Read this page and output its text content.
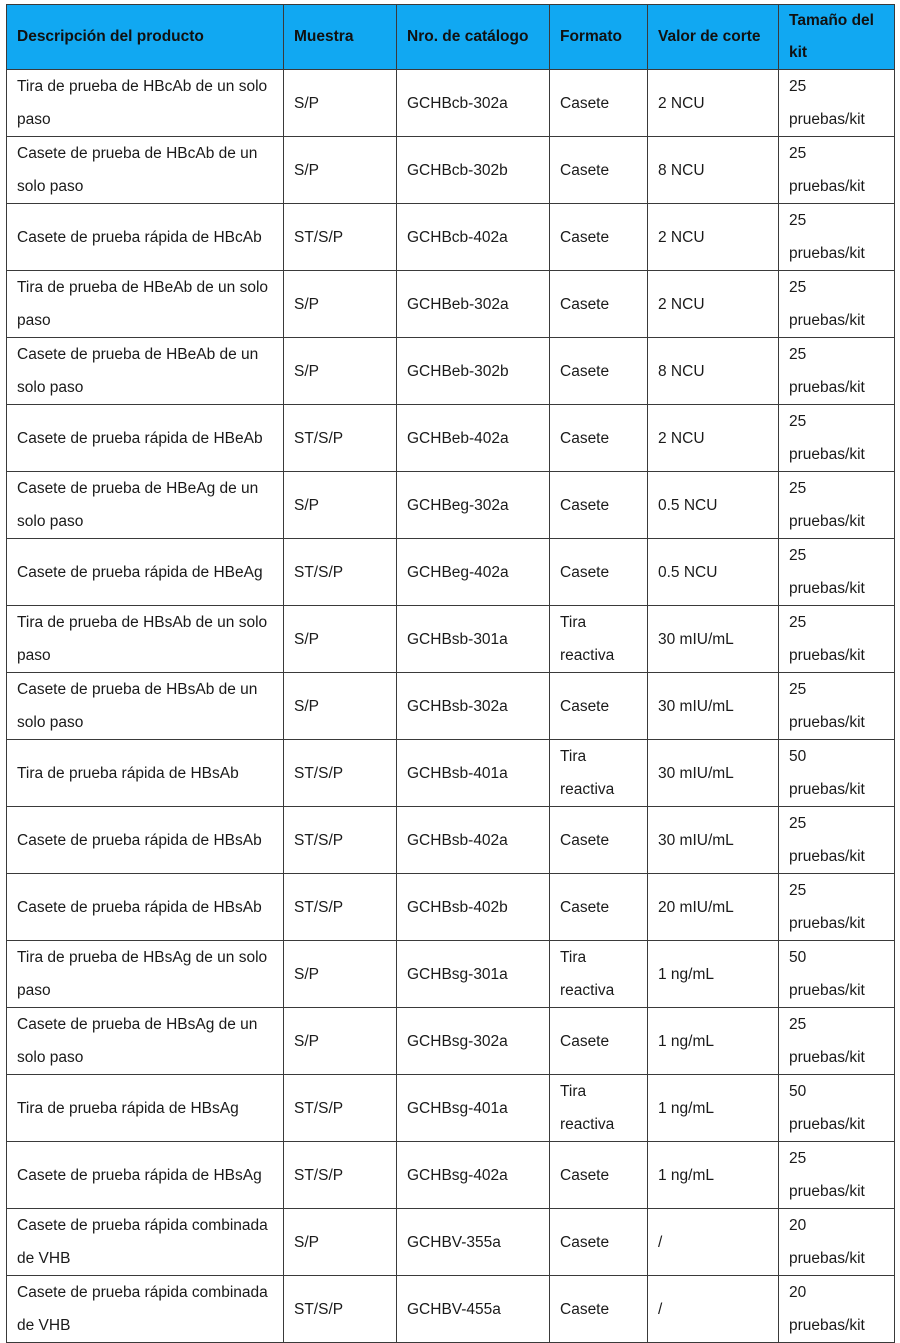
Descripción del producto	Muestra	Nro. de catálogo	Formato	Valor de corte	Tamaño del kit
Tira de prueba de HBcAb de un solo paso	S/P	GCHBcb-302a	Casete	2 NCU	25 pruebas/kit
Casete de prueba de HBcAb de un solo paso	S/P	GCHBcb-302b	Casete	8 NCU	25 pruebas/kit
Casete de prueba rápida de HBcAb	ST/S/P	GCHBcb-402a	Casete	2 NCU	25 pruebas/kit
Tira de prueba de HBeAb de un solo paso	S/P	GCHBeb-302a	Casete	2 NCU	25 pruebas/kit
Casete de prueba de HBeAb de un solo paso	S/P	GCHBeb-302b	Casete	8 NCU	25 pruebas/kit
Casete de prueba rápida de HBeAb	ST/S/P	GCHBeb-402a	Casete	2 NCU	25 pruebas/kit
Casete de prueba de HBeAg de un solo paso	S/P	GCHBeg-302a	Casete	0.5 NCU	25 pruebas/kit
Casete de prueba rápida de HBeAg	ST/S/P	GCHBeg-402a	Casete	0.5 NCU	25 pruebas/kit
Tira de prueba de HBsAb de un solo paso	S/P	GCHBsb-301a	Tira reactiva	30 mIU/mL	25 pruebas/kit
Casete de prueba de HBsAb de un solo paso	S/P	GCHBsb-302a	Casete	30 mIU/mL	25 pruebas/kit
Tira de prueba rápida de HBsAb	ST/S/P	GCHBsb-401a	Tira reactiva	30 mIU/mL	50 pruebas/kit
Casete de prueba rápida de HBsAb	ST/S/P	GCHBsb-402a	Casete	30 mIU/mL	25 pruebas/kit
Casete de prueba rápida de HBsAb	ST/S/P	GCHBsb-402b	Casete	20 mIU/mL	25 pruebas/kit
Tira de prueba de HBsAg de un solo paso	S/P	GCHBsg-301a	Tira reactiva	1 ng/mL	50 pruebas/kit
Casete de prueba de HBsAg de un solo paso	S/P	GCHBsg-302a	Casete	1 ng/mL	25 pruebas/kit
Tira de prueba rápida de HBsAg	ST/S/P	GCHBsg-401a	Tira reactiva	1 ng/mL	50 pruebas/kit
Casete de prueba rápida de HBsAg	ST/S/P	GCHBsg-402a	Casete	1 ng/mL	25 pruebas/kit
Casete de prueba rápida combinada de VHB	S/P	GCHBV-355a	Casete	/	20 pruebas/kit
Casete de prueba rápida combinada de VHB	ST/S/P	GCHBV-455a	Casete	/	20 pruebas/kit
